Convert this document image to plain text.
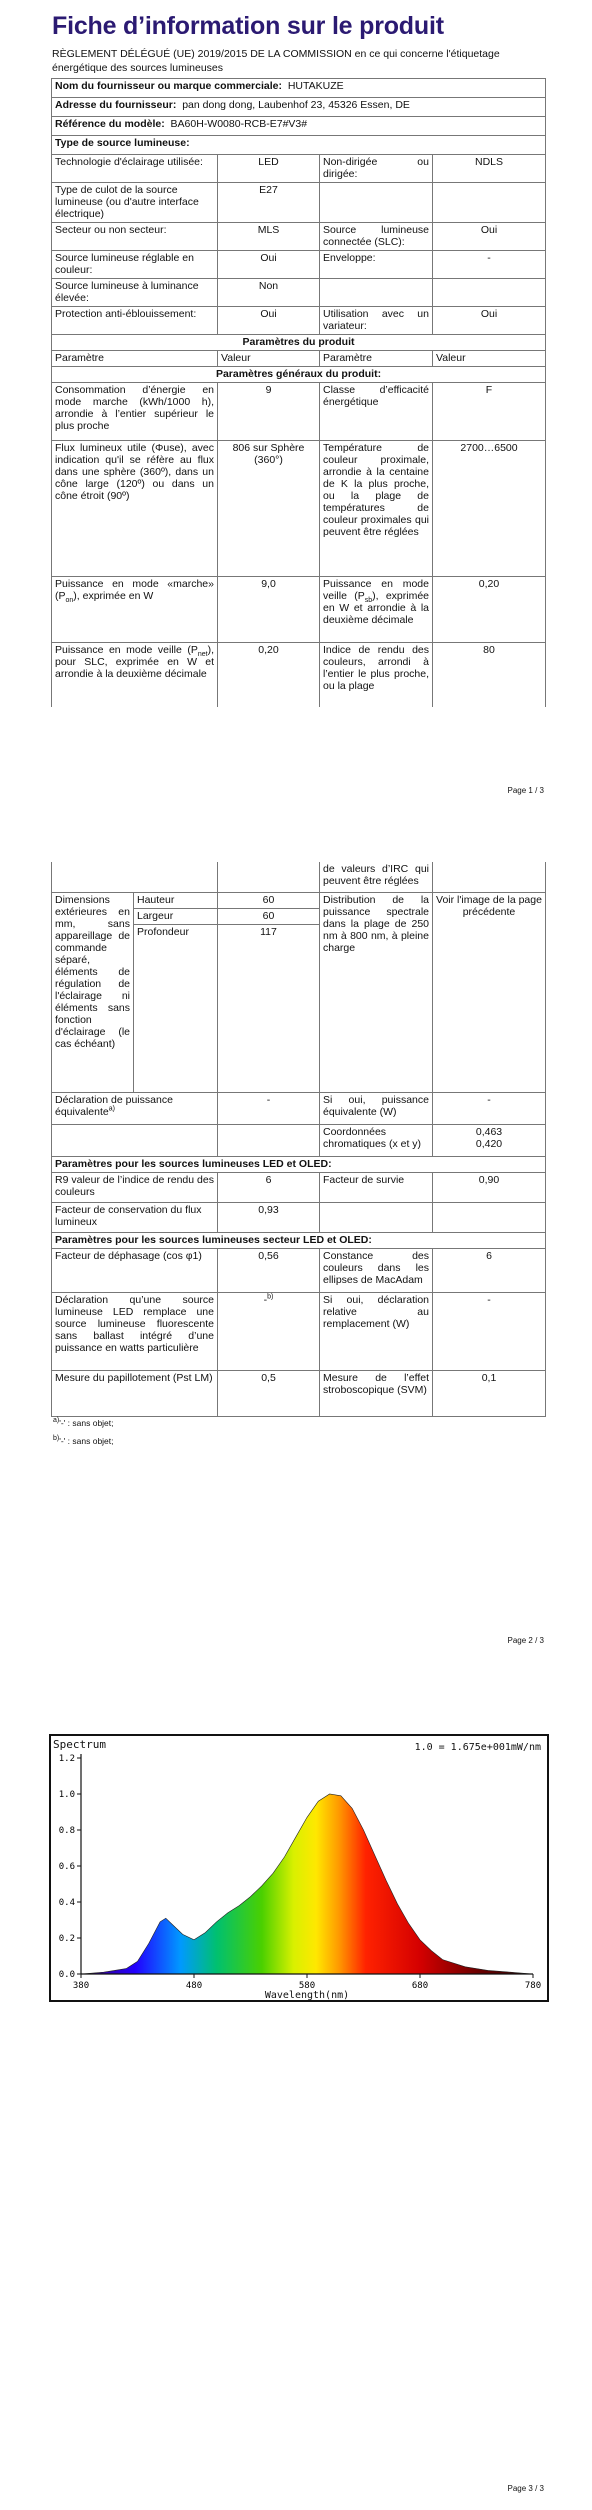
Fiche d’information sur le produit
RÈGLEMENT DÉLÉGUÉ (UE) 2019/2015 DE LA COMMISSION en ce qui concerne l'étiquetage énergétique des sources lumineuses
Nom du fournisseur ou marque commerciale: HUTAKUZE			
Adresse du fournisseur: pan dong dong, Laubenhof 23, 45326 Essen, DE			
Référence du modèle: BA60H-W0080-RCB-E7#V3#			
Type de source lumineuse:			
Technologie d'éclairage utilisée:	LED	Non-dirigée ou dirigée:	NDLS
Type de culot de la source lumineuse (ou d'autre interface électrique)	E27		
Secteur ou non secteur:	MLS	Source lumineuse connectée (SLC):	Oui
Source lumineuse réglable en couleur:	Oui	Enveloppe:	-
Source lumineuse à luminance élevée:	Non		
Protection anti-éblouissement:	Oui	Utilisation avec un variateur:	Oui
Paramètres du produit			
Paramètre	Valeur	Paramètre	Valeur
Paramètres généraux du produit:			
Consommation d’énergie en mode marche (kWh/1000 h), arrondie à l’entier supérieur le plus proche	9	Classe d’efficacité énergétique	F
Flux lumineux utile (Φuse), avec indication qu'il se réfère au flux dans une sphère (360º), dans un cône large (120º) ou dans un cône étroit (90º)	806 sur Sphère (360°)	Température de couleur proximale, arrondie à la centaine de K la plus proche, ou la plage de températures de couleur proximales qui peuvent être réglées	2700…6500
Puissance en mode «marche» $(P_{on})$, exprimée en W	9,0	Puissance en mode veille $(P_{sb})$, exprimée en W et arrondie à la deuxième décimale	0,20
Puissance en mode veille $(P_{net})$, pour SLC, exprimée en W et arrondie à la deuxième décimale	0,20	Indice de rendu des couleurs, arrondi à l’entier le plus proche, ou la plage	80
Page 1 / 3
			de valeurs d’IRC qui peuvent être réglées	
Dimensions extérieures en mm, sans appareillage de commande séparé, éléments de régulation de l'éclairage ni éléments sans fonction d'éclairage (le cas échéant)	Hauteur	60	Distribution de la puissance spectrale dans la plage de 250 nm à 800 nm, à pleine charge	Voir l'image de la page précédente
	Largeur	60		
	Profondeur	117		
Déclaration de puissance équivalente$^{a)}$		-	Si oui, puissance équivalente (W)	-
			Coordonnées chromatiques (x et y)	0,463
0,420
Paramètres pour les sources lumineuses LED et OLED:				
R9 valeur de l’indice de rendu des couleurs		6	Facteur de survie	0,90
Facteur de conservation du flux lumineux		0,93		
Paramètres pour les sources lumineuses secteur LED et OLED:				
Facteur de déphasage (cos φ1)		0,56	Constance des couleurs dans les ellipses de MacAdam	6
Déclaration qu’une source lumineuse LED remplace une source lumineuse fluorescente sans ballast intégré d’une puissance en watts particulière		-$^{b)}$	Si oui, déclaration relative au remplacement (W)	-
Mesure du papillotement (Pst LM)		0,5	Mesure de l’effet stroboscopique (SVM)	0,1
$^{a)}$'-' : sans objet;
$^{b)}$'-' : sans objet;
Page 2 / 3
Spectrum	1.0 = 1.675e+001mW/nm
0.0
0.2
0.4
0.6
0.8
1.0
1.2
380	480	580	680	780
Wavelength(nm)
Page 3 / 3
